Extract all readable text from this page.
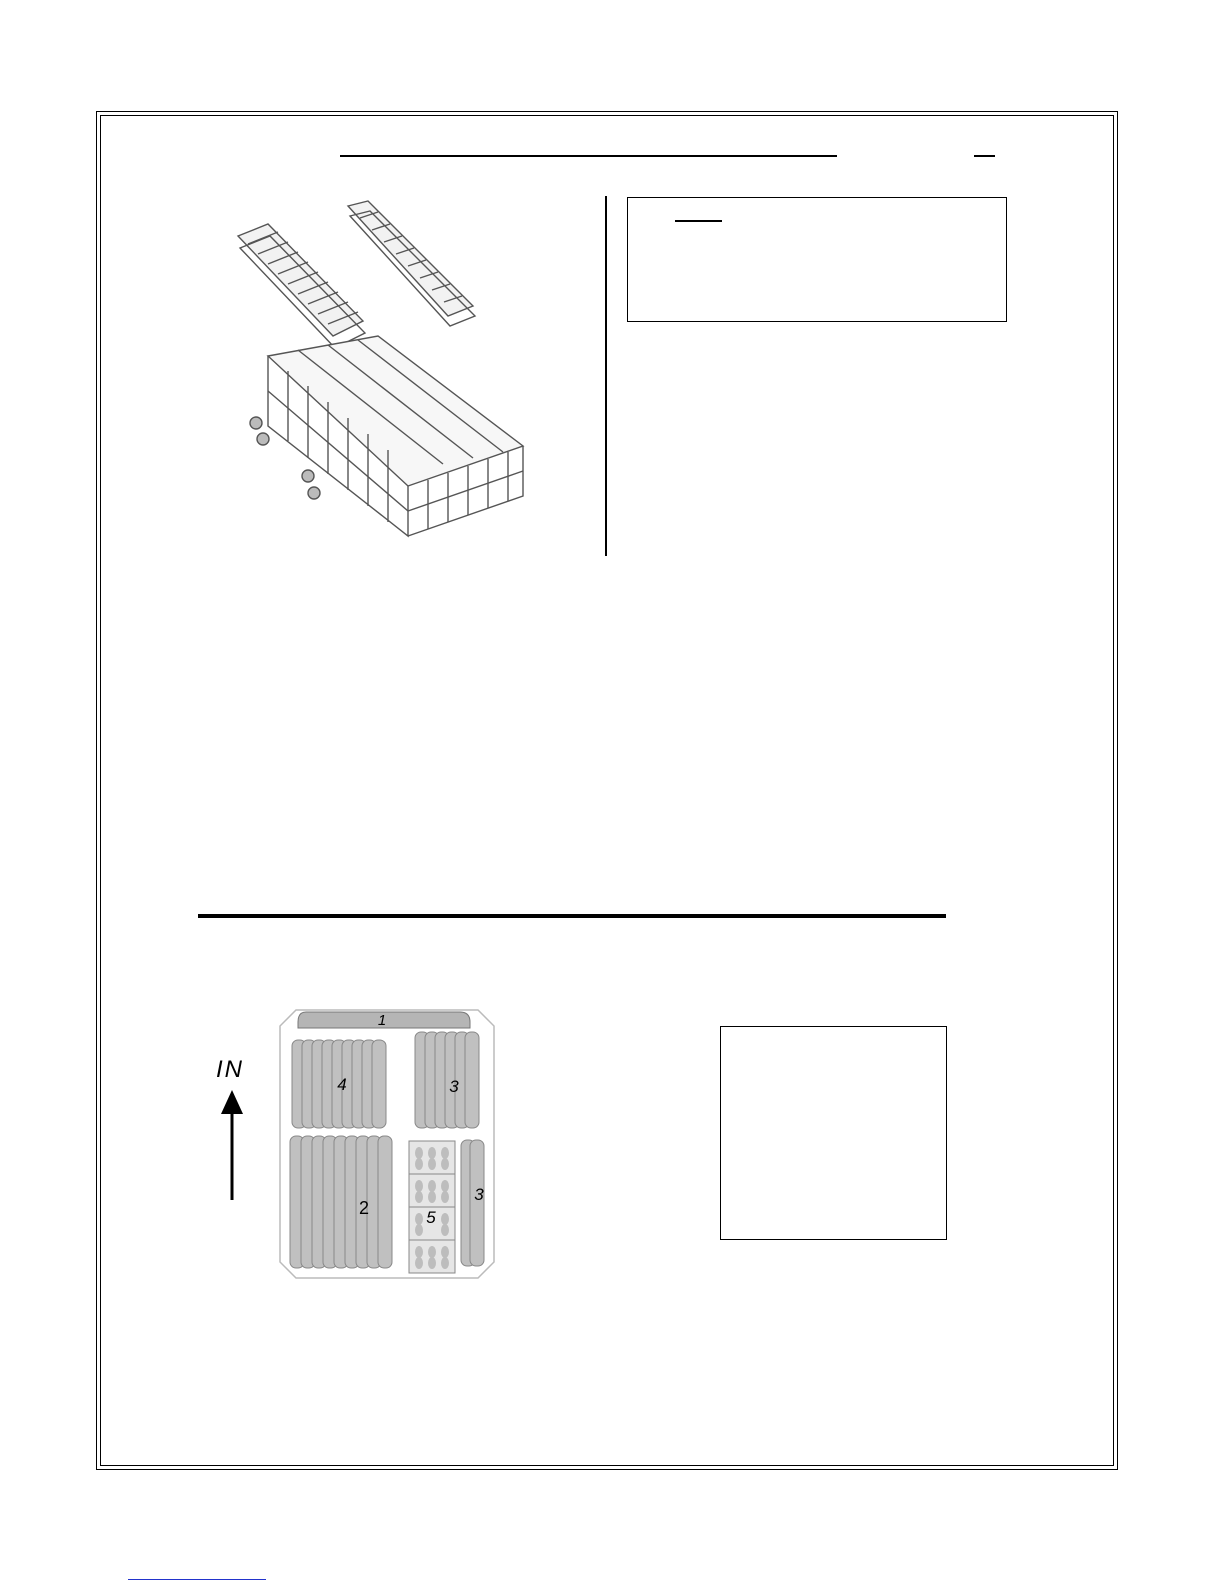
IN
1
4	3
2	5
3
